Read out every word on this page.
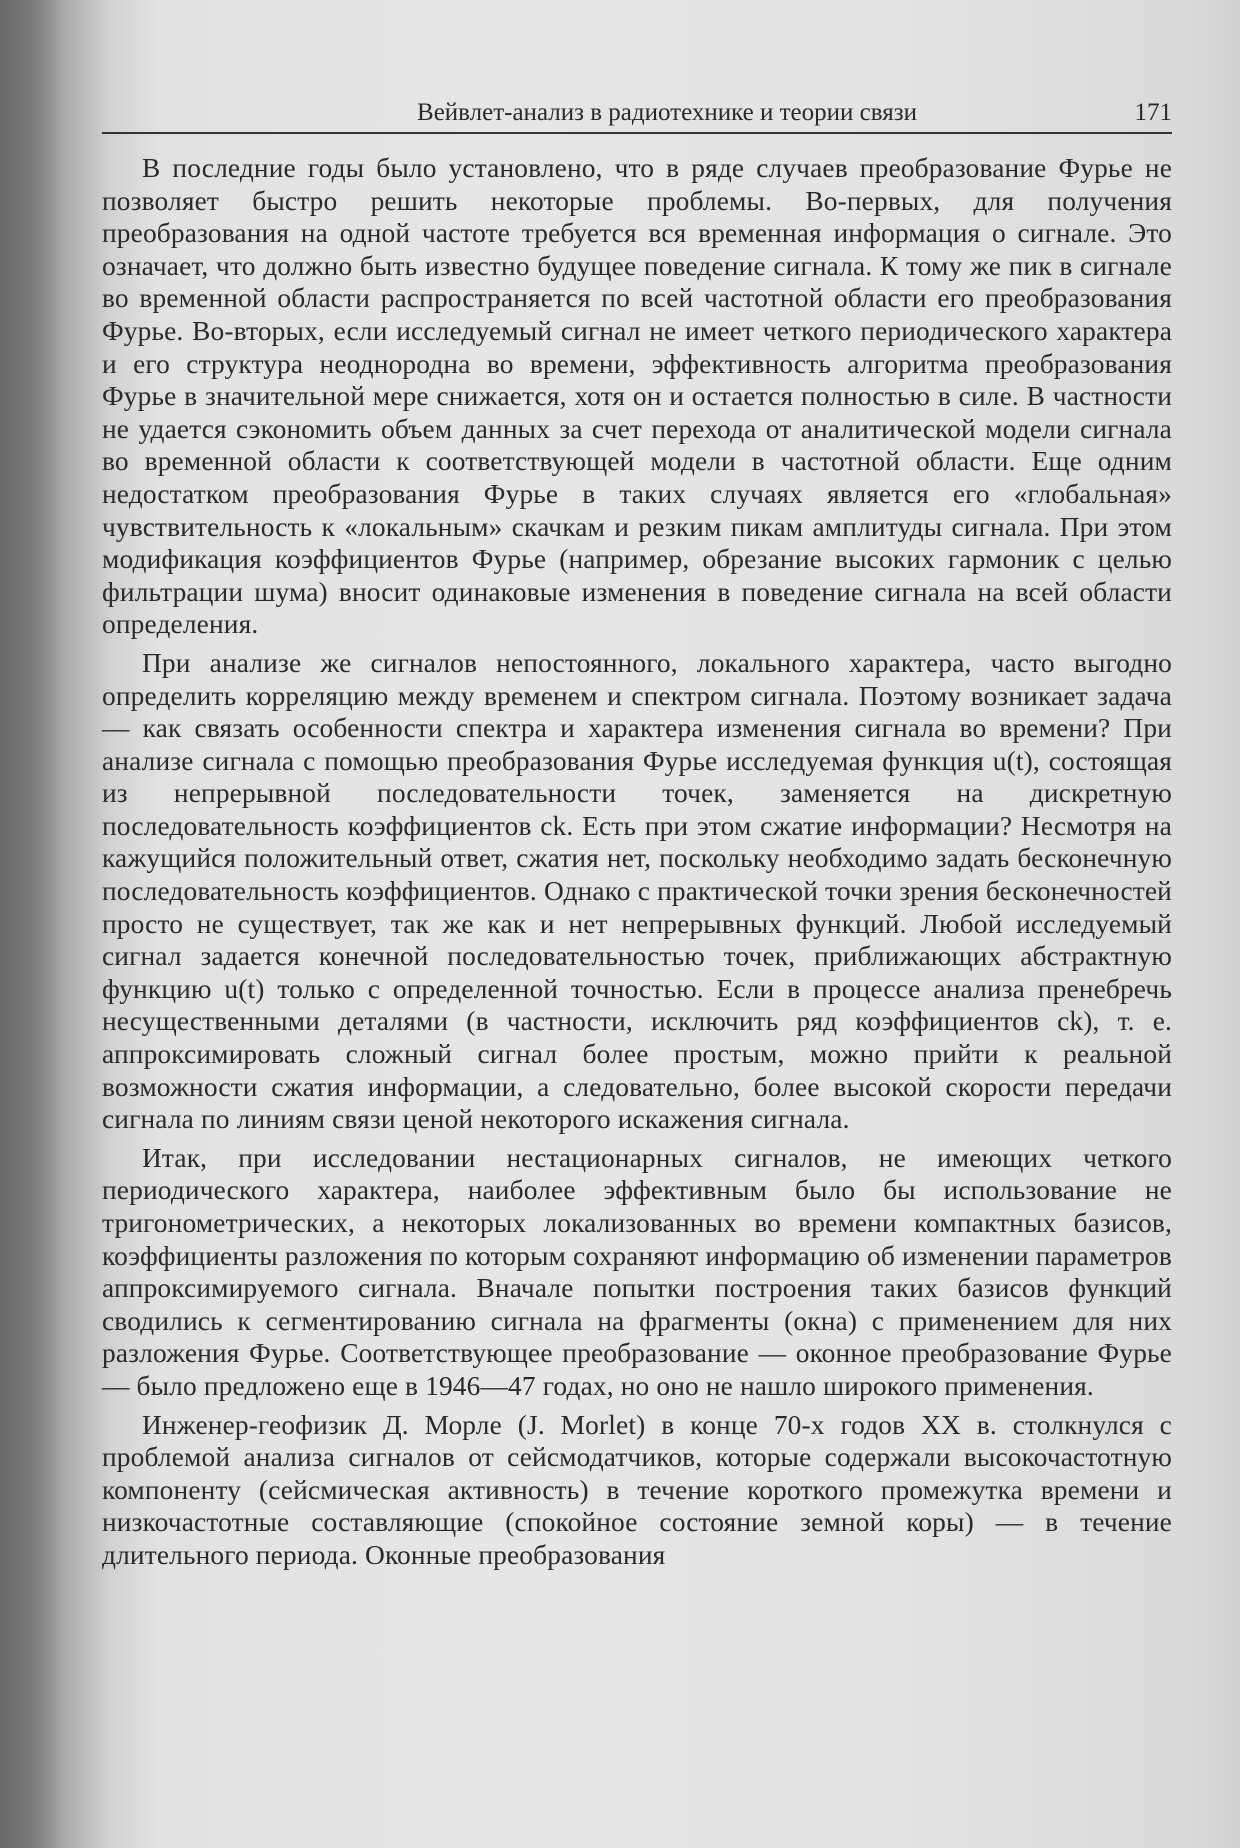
Вейвлет-анализ в радиотехнике и теории связи	171

В последние годы было установлено, что в ряде случаев преобразование Фурье не позволяет быстро решить некоторые проблемы. Во-первых, для получения преобразования на одной частоте требуется вся временная информация о сигнале. Это означает, что должно быть известно будущее поведение сигнала. К тому же пик в сигнале во временной области распространяется по всей частотной области его преобразования Фурье. Во-вторых, если исследуемый сигнал не имеет четкого периодического характера и его структура неоднородна во времени, эффективность алгоритма преобразования Фурье в значительной мере снижается, хотя он и остается полностью в силе. В частности не удается сэкономить объем данных за счет перехода от аналитической модели сигнала во временной области к соответствующей модели в частотной области. Еще одним недостатком преобразования Фурье в таких случаях является его «глобальная» чувствительность к «локальным» скачкам и резким пикам амплитуды сигнала. При этом модификация коэффициентов Фурье (например, обрезание высоких гармоник с целью фильтрации шума) вносит одинаковые изменения в поведение сигнала на всей области определения.

При анализе же сигналов непостоянного, локального характера, часто выгодно определить корреляцию между временем и спектром сигнала. Поэтому возникает задача — как связать особенности спектра и характера изменения сигнала во времени? При анализе сигнала с помощью преобразования Фурье исследуемая функция u(t), состоящая из непрерывной последовательности точек, заменяется на дискретную последовательность коэффициентов ck. Есть при этом сжатие информации? Несмотря на кажущийся положительный ответ, сжатия нет, поскольку необходимо задать бесконечную последовательность коэффициентов. Однако с практической точки зрения бесконечностей просто не существует, так же как и нет непрерывных функций. Любой исследуемый сигнал задается конечной последовательностью точек, приближающих абстрактную функцию u(t) только с определенной точностью. Если в процессе анализа пренебречь несущественными деталями (в частности, исключить ряд коэффициентов ck), т. е. аппроксимировать сложный сигнал более простым, можно прийти к реальной возможности сжатия информации, а следовательно, более высокой скорости передачи сигнала по линиям связи ценой некоторого искажения сигнала.

Итак, при исследовании нестационарных сигналов, не имеющих четкого периодического характера, наиболее эффективным было бы использование не тригонометрических, а некоторых локализованных во времени компактных базисов, коэффициенты разложения по которым сохраняют информацию об изменении параметров аппроксимируемого сигнала. Вначале попытки построения таких базисов функций сводились к сегментированию сигнала на фрагменты (окна) с применением для них разложения Фурье. Соответствующее преобразование — оконное преобразование Фурье — было предложено еще в 1946—47 годах, но оно не нашло широкого применения.

Инженер-геофизик Д. Морле (J. Morlet) в конце 70-х годов XX в. столкнулся с проблемой анализа сигналов от сейсмодатчиков, которые содержали высокочастотную компоненту (сейсмическая активность) в течение короткого промежутка времени и низкочастотные составляющие (спокойное состояние земной коры) — в течение длительного периода. Оконные преобразования
